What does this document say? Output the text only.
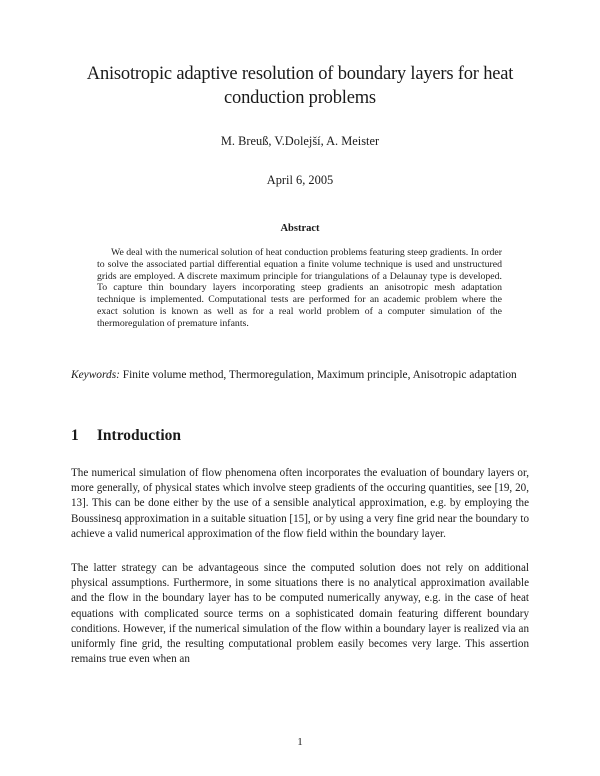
Anisotropic adaptive resolution of boundary layers for heat conduction problems
M. Breuß, V.Dolejší, A. Meister
April 6, 2005
Abstract
We deal with the numerical solution of heat conduction problems featuring steep gradients. In order to solve the associated partial differential equation a finite volume technique is used and unstructured grids are employed. A discrete maximum principle for triangulations of a Delaunay type is developed. To capture thin boundary layers incorporating steep gradients an anisotropic mesh adaptation technique is implemented. Computational tests are performed for an academic problem where the exact solution is known as well as for a real world problem of a computer simulation of the thermoregulation of premature infants.
Keywords: Finite volume method, Thermoregulation, Maximum principle, Anisotropic adaptation
1 Introduction
The numerical simulation of flow phenomena often incorporates the evaluation of boundary layers or, more generally, of physical states which involve steep gradients of the occuring quantities, see [19, 20, 13]. This can be done either by the use of a sensible analytical approximation, e.g. by employing the Boussinesq approximation in a suitable situation [15], or by using a very fine grid near the boundary to achieve a valid numerical approximation of the flow field within the boundary layer.
The latter strategy can be advantageous since the computed solution does not rely on additional physical assumptions. Furthermore, in some situations there is no analytical approximation available and the flow in the boundary layer has to be computed numerically anyway, e.g. in the case of heat equations with complicated source terms on a sophisticated domain featuring different boundary conditions. However, if the numerical simulation of the flow within a boundary layer is realized via an uniformly fine grid, the resulting computational problem easily becomes very large. This assertion remains true even when an
1
